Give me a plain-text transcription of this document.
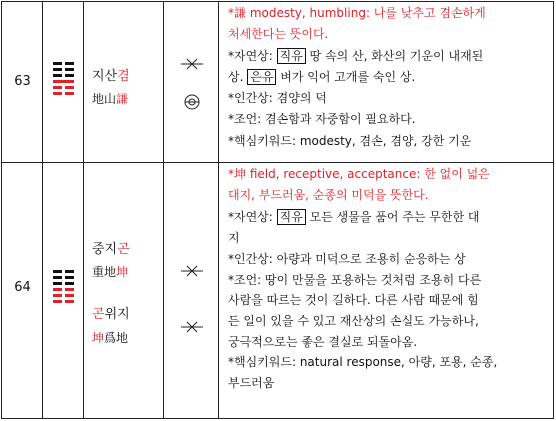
63	지산겸
地山謙
*謙 modesty, humbling: 나를 낮추고 겸손하게
처세한다는 뜻이다.
*자연상: 직유 땅 속의 산, 화산의 기운이 내재된
상. 은유 벼가 익어 고개를 숙인 상.
*인간상: 겸양의 덕
*조언: 겸손함과 자중함이 필요하다.
*핵심키워드: modesty, 겸손, 겸양, 강한 기운
64
중지곤
重地坤
곤위지
坤爲地
*坤 field, receptive, acceptance: 한 없이 넓은
대지, 부드러움, 순종의 미덕을 뜻한다.
*자연상: 직유 모든 생물을 품어 주는 무한한 대
지
*인간상: 아량과 미덕으로 조용히 순응하는 상
*조언: 땅이 만물을 포용하는 것처럼 조용히 다른
사람을 따르는 것이 길하다. 다른 사람 때문에 힘
든 일이 있을 수 있고 재산상의 손실도 가능하나,
궁극적으로는 좋은 결실로 되돌아옴.
*핵심키워드: natural response, 아량, 포용, 순종,
부드러움
